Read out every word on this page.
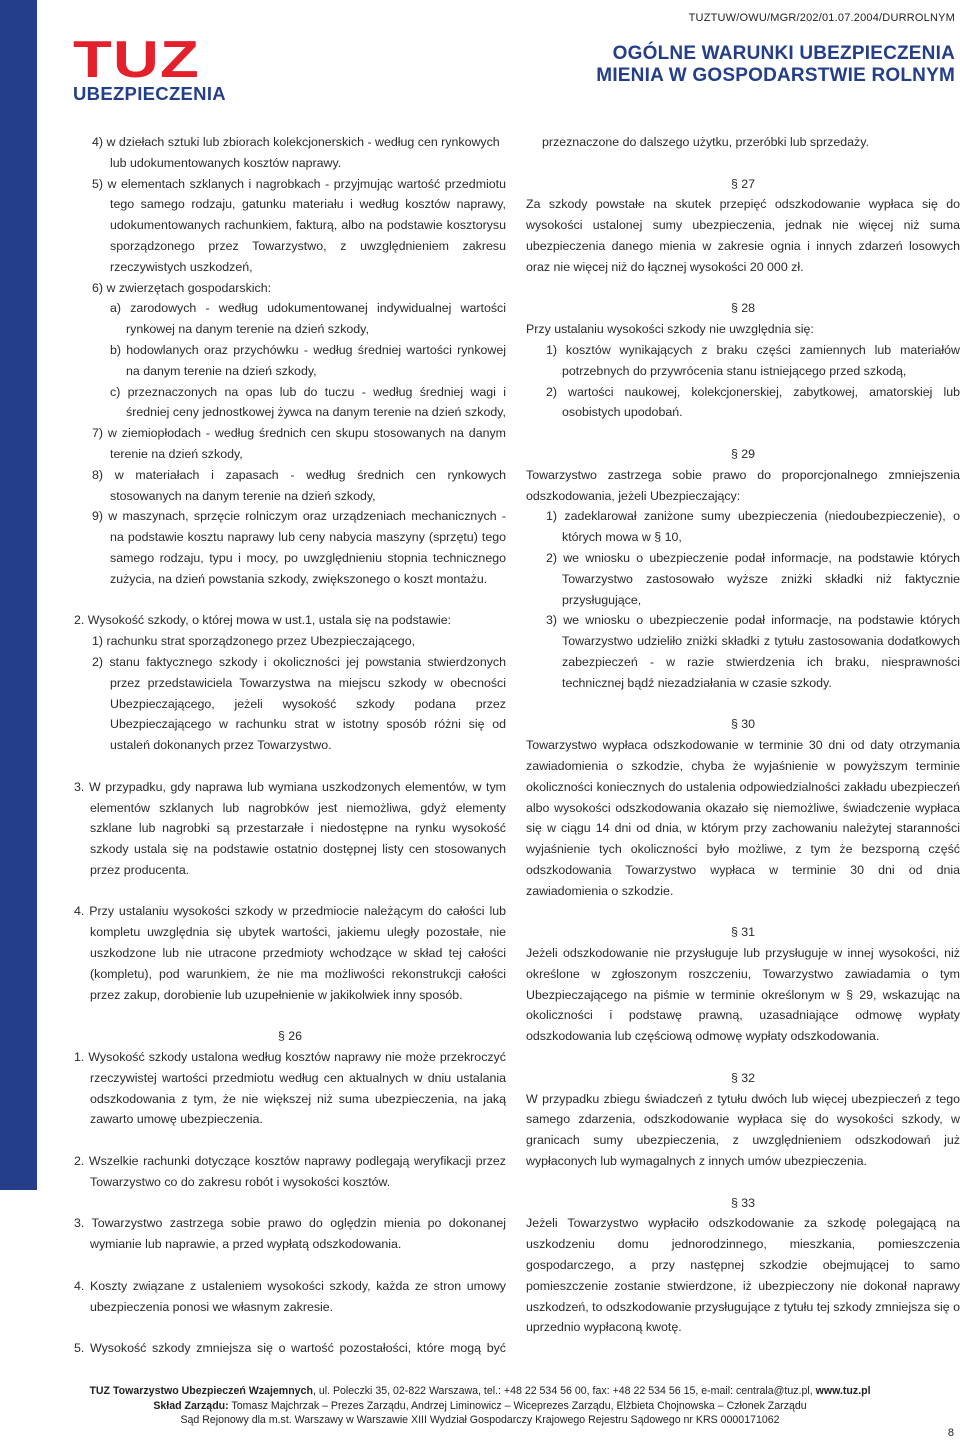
TUZ
UBEZPIECZENIA
TUZTUW/OWU/MGR/202/01.07.2004/DURROLNYM
OGÓLNE WARUNKI UBEZPIECZENIA
MIENIA W GOSPODARSTWIE ROLNYM

4) w dziełach sztuki lub zbiorach kolekcjonerskich - według cen rynkowych

lub udokumentowanych kosztów naprawy.

5) w elementach szklanych i nagrobkach - przyjmując wartość przedmiotu tego samego rodzaju, gatunku materiału i według kosztów naprawy, udokumentowanych rachunkiem, fakturą, albo na podstawie kosztorysu sporządzonego przez Towarzystwo, z uwzględnieniem zakresu rzeczywistych uszkodzeń,

6) w zwierzętach gospodarskich:

a) zarodowych - według udokumentowanej indywidualnej wartości rynkowej na danym terenie na dzień szkody,

b) hodowlanych oraz przychówku - według średniej wartości rynkowej na danym terenie na dzień szkody,

c) przeznaczonych na opas lub do tuczu - według średniej wagi i średniej ceny jednostkowej żywca na danym terenie na dzień szkody,

7) w ziemiopłodach - według średnich cen skupu stosowanych na danym terenie na dzień szkody,

8) w materiałach i zapasach - według średnich cen rynkowych stosowanych na danym terenie na dzień szkody,

9) w maszynach, sprzęcie rolniczym oraz urządzeniach mechanicznych - na podstawie kosztu naprawy lub ceny nabycia maszyny (sprzętu) tego samego rodzaju, typu i mocy, po uwzględnieniu stopnia technicznego zużycia, na dzień powstania szkody, zwiększonego o koszt montażu.

2. Wysokość szkody, o której mowa w ust.1, ustala się na podstawie:

1) rachunku strat sporządzonego przez Ubezpieczającego,

2) stanu faktycznego szkody i okoliczności jej powstania stwierdzonych przez przedstawiciela Towarzystwa na miejscu szkody w obecności Ubezpieczającego, jeżeli wysokość szkody podana przez Ubezpieczającego w rachunku strat w istotny sposób różni się od ustaleń dokonanych przez Towarzystwo.

3. W przypadku, gdy naprawa lub wymiana uszkodzonych elementów, w tym elementów szklanych lub nagrobków jest niemożliwa, gdyż elementy szklane lub nagrobki są przestarzałe i niedostępne na rynku wysokość szkody ustala się na podstawie ostatnio dostępnej listy cen stosowanych przez producenta.

4. Przy ustalaniu wysokości szkody w przedmiocie należącym do całości lub kompletu uwzględnia się ubytek wartości, jakiemu uległy pozostałe, nie uszkodzone lub nie utracone przedmioty wchodzące w skład tej całości (kompletu), pod warunkiem, że nie ma możliwości rekonstrukcji całości przez zakup, dorobienie lub uzupełnienie w jakikolwiek inny sposób.

§ 26

1. Wysokość szkody ustalona według kosztów naprawy nie może przekroczyć rzeczywistej wartości przedmiotu według cen aktualnych w dniu ustalania odszkodowania z tym, że nie większej niż suma ubezpieczenia, na jaką zawarto umowę ubezpieczenia.

2. Wszelkie rachunki dotyczące kosztów naprawy podlegają weryfikacji przez Towarzystwo co do zakresu robót i wysokości kosztów.

3. Towarzystwo zastrzega sobie prawo do oględzin mienia po dokonanej wymianie lub naprawie, a przed wypłatą odszkodowania.

4. Koszty związane z ustaleniem wysokości szkody, każda ze stron umowy ubezpieczenia ponosi we własnym zakresie.

5. Wysokość szkody zmniejsza się o wartość pozostałości, które mogą być

przeznaczone do dalszego użytku, przeróbki lub sprzedaży.

§ 27

Za szkody powstałe na skutek przepięć odszkodowanie wypłaca się do wysokości ustalonej sumy ubezpieczenia, jednak nie więcej niż suma ubezpieczenia danego mienia w zakresie ognia i innych zdarzeń losowych oraz nie więcej niż do łącznej wysokości 20 000 zł.

§ 28

Przy ustalaniu wysokości szkody nie uwzględnia się:

1) kosztów wynikających z braku części zamiennych lub materiałów potrzebnych do przywrócenia stanu istniejącego przed szkodą,

2) wartości naukowej, kolekcjonerskiej, zabytkowej, amatorskiej lub osobistych upodobań.

§ 29

Towarzystwo zastrzega sobie prawo do proporcjonalnego zmniejszenia odszkodowania, jeżeli Ubezpieczający:

1) zadeklarował zaniżone sumy ubezpieczenia (niedoubezpieczenie), o których mowa w § 10,

2) we wniosku o ubezpieczenie podał informacje, na podstawie których Towarzystwo zastosowało wyższe zniżki składki niż faktycznie przysługujące,

3) we wniosku o ubezpieczenie podał informacje, na podstawie których Towarzystwo udzieliło zniżki składki z tytułu zastosowania dodatkowych zabezpieczeń - w razie stwierdzenia ich braku, niesprawności technicznej bądź niezadziałania w czasie szkody.

§ 30

Towarzystwo wypłaca odszkodowanie w terminie 30 dni od daty otrzymania zawiadomienia o szkodzie, chyba że wyjaśnienie w powyższym terminie okoliczności koniecznych do ustalenia odpowiedzialności zakładu ubezpieczeń albo wysokości odszkodowania okazało się niemożliwe, świadczenie wypłaca się w ciągu 14 dni od dnia, w którym przy zachowaniu należytej staranności wyjaśnienie tych okoliczności było możliwe, z tym że bezsporną część odszkodowania Towarzystwo wypłaca w terminie 30 dni od dnia zawiadomienia o szkodzie.

§ 31

Jeżeli odszkodowanie nie przysługuje lub przysługuje w innej wysokości, niż określone w zgłoszonym roszczeniu, Towarzystwo zawiadamia o tym Ubezpieczającego na piśmie w terminie określonym w § 29, wskazując na okoliczności i podstawę prawną, uzasadniające odmowę wypłaty odszkodowania lub częściową odmowę wypłaty odszkodowania.

§ 32

W przypadku zbiegu świadczeń z tytułu dwóch lub więcej ubezpieczeń z tego samego zdarzenia, odszkodowanie wypłaca się do wysokości szkody, w granicach sumy ubezpieczenia, z uwzględnieniem odszkodowań już wypłaconych lub wymagalnych z innych umów ubezpieczenia.

§ 33

Jeżeli Towarzystwo wypłaciło odszkodowanie za szkodę polegającą na uszkodzeniu domu jednorodzinnego, mieszkania, pomieszczenia gospodarczego, a przy następnej szkodzie obejmującej to samo pomieszczenie zostanie stwierdzone, iż ubezpieczony nie dokonał naprawy uszkodzeń, to odszkodowanie przysługujące z tytułu tej szkody zmniejsza się o uprzednio wypłaconą kwotę.

TUZ Towarzystwo Ubezpieczeń Wzajemnych, ul. Poleczki 35, 02-822 Warszawa, tel.: +48 22 534 56 00, fax: +48 22 534 56 15, e-mail: centrala@tuz.pl, www.tuz.pl
Skład Zarządu: Tomasz Majchrzak – Prezes Zarządu, Andrzej Liminowicz – Wiceprezes Zarządu, Elżbieta Chojnowska – Członek Zarządu
Sąd Rejonowy dla m.st. Warszawy w Warszawie XIII Wydział Gospodarczy Krajowego Rejestru Sądowego nr KRS 0000171062
8
